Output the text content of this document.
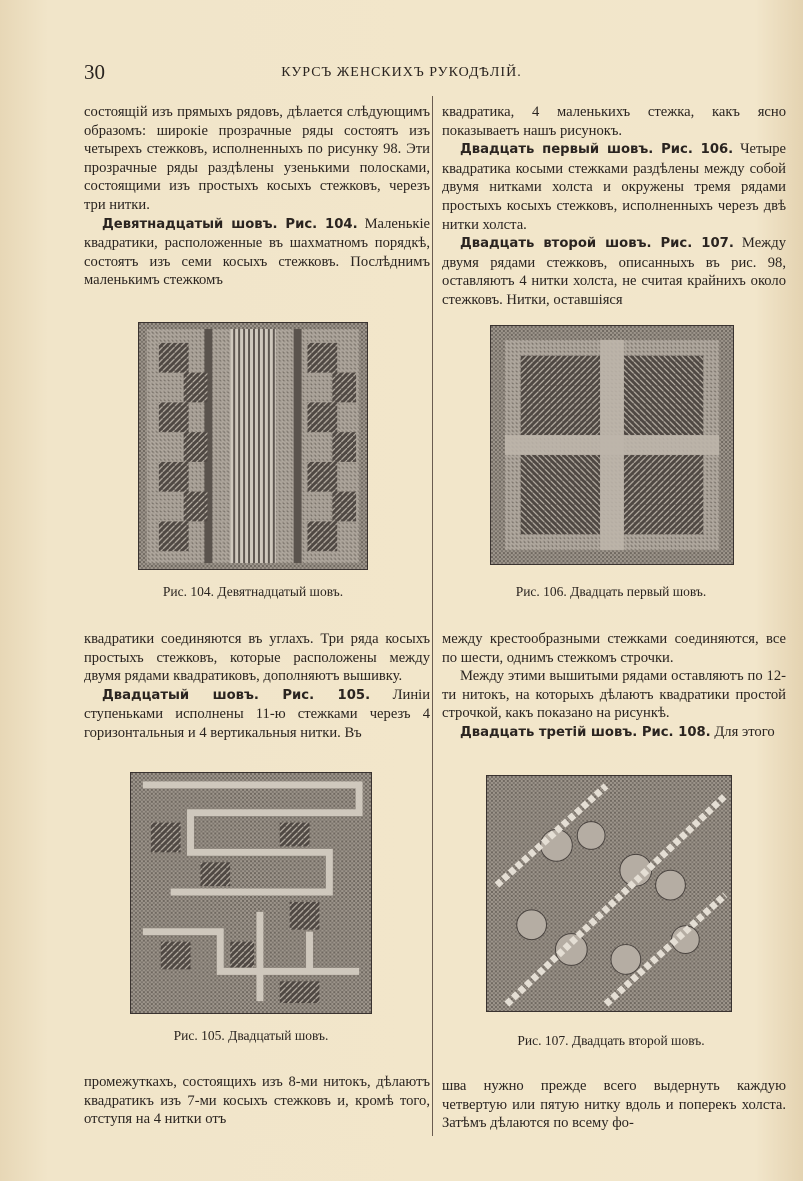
30	КУРСЪ ЖЕНСКИХЪ РУКОДѢЛІЙ.

состоящій изъ прямыхъ рядовъ, дѣлается слѣдующимъ образомъ: широкіе прозрачные ряды состоятъ изъ четырехъ стежковъ, исполненныхъ по рисунку 98. Эти прозрачные ряды раздѣлены узенькими полосками, состоящими изъ простыхъ косыхъ стежковъ, черезъ три нитки.

Девятнадцатый шовъ. Рис. 104. Маленькіе квадратики, расположенные въ шахматномъ порядкѣ, состоятъ изъ семи косыхъ стежковъ. Послѣднимъ маленькимъ стежкомъ

квадратика, 4 маленькихъ стежка, какъ ясно показываетъ нашъ рисунокъ.

Двадцать первый шовъ. Рис. 106. Четыре квадратика косыми стежками раздѣлены между собой двумя нитками холста и окружены тремя рядами простыхъ косыхъ стежковъ, исполненныхъ черезъ двѣ нитки холста.

Двадцать второй шовъ. Рис. 107. Между двумя рядами стежковъ, описанныхъ въ рис. 98, оставляютъ 4 нитки холста, не считая крайнихъ около стежковъ. Нитки, оставшіяся

Рис. 104. Девятнадцатый шовъ.	Рис. 106. Двадцать первый шовъ.

квадратики соединяются въ углахъ. Три ряда косыхъ простыхъ стежковъ, которые расположены между двумя рядами квадратиковъ, дополняютъ вышивку.

Двадцатый шовъ. Рис. 105. Линіи ступеньками исполнены 11-ю стежками черезъ 4 горизонтальныя и 4 вертикальныя нитки. Въ

между крестообразными стежками соединяются, все по шести, однимъ стежкомъ строчки.

Между этими вышитыми рядами оставляютъ по 12-ти нитокъ, на которыхъ дѣлаютъ квадратики простой строчкой, какъ показано на рисункѣ.

Двадцать третій шовъ. Рис. 108. Для этого

Рис. 105. Двадцатый шовъ.	Рис. 107. Двадцать второй шовъ.

промежуткахъ, состоящихъ изъ 8-ми нитокъ, дѣлаютъ квадратикъ изъ 7-ми косыхъ стежковъ и, кромѣ того, отступя на 4 нитки отъ

шва нужно прежде всего выдернуть каждую четвертую или пятую нитку вдоль и поперекъ холста. Затѣмъ дѣлаются по всему фо-
